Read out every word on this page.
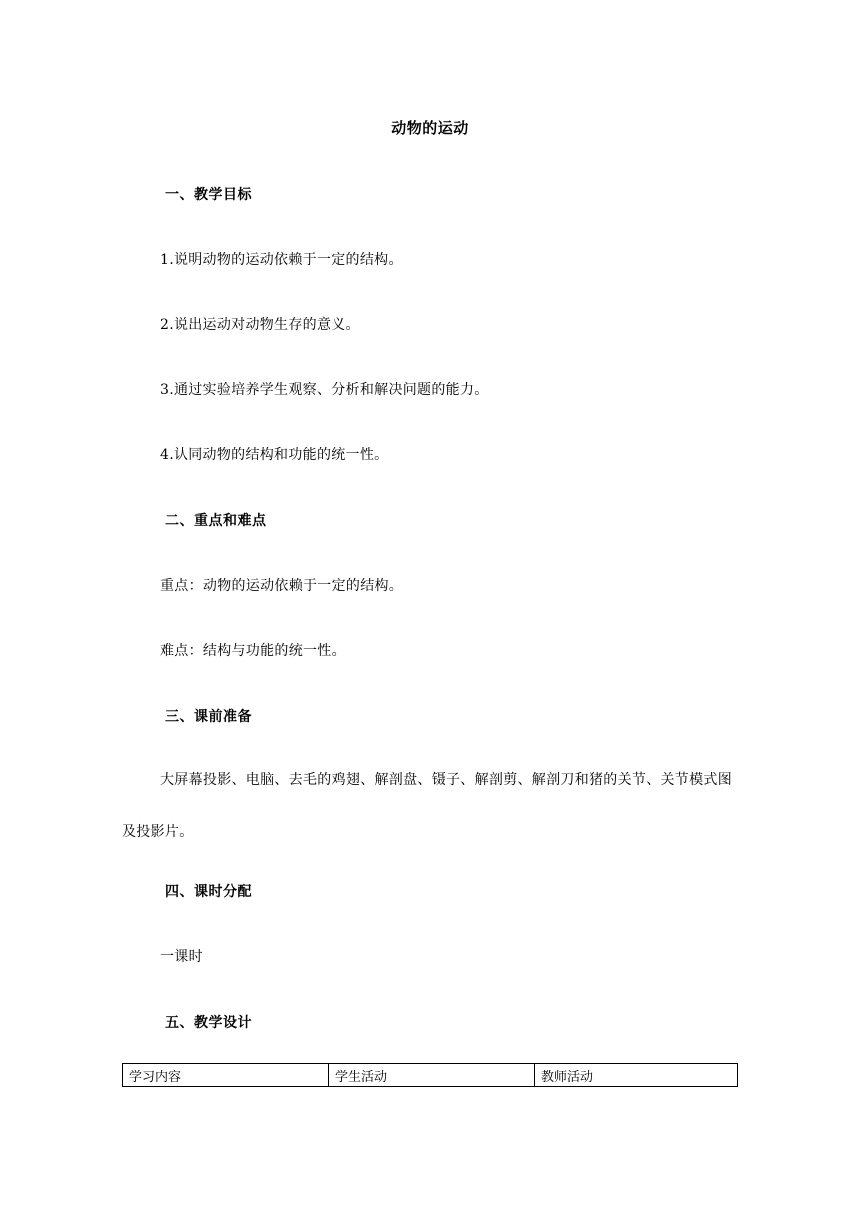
动物的运动
一、教学目标
1.说明动物的运动依赖于一定的结构。
2.说出运动对动物生存的意义。
3.通过实验培养学生观察、分析和解决问题的能力。
4.认同动物的结构和功能的统一性。
二、重点和难点
重点：动物的运动依赖于一定的结构。
难点：结构与功能的统一性。
三、课前准备
大屏幕投影、电脑、去毛的鸡翅、解剖盘、镊子、解剖剪、解剖刀和猪的关节、关节模式图及投影片。
四、课时分配
一课时
五、教学设计
学习内容	学生活动	教师活动
